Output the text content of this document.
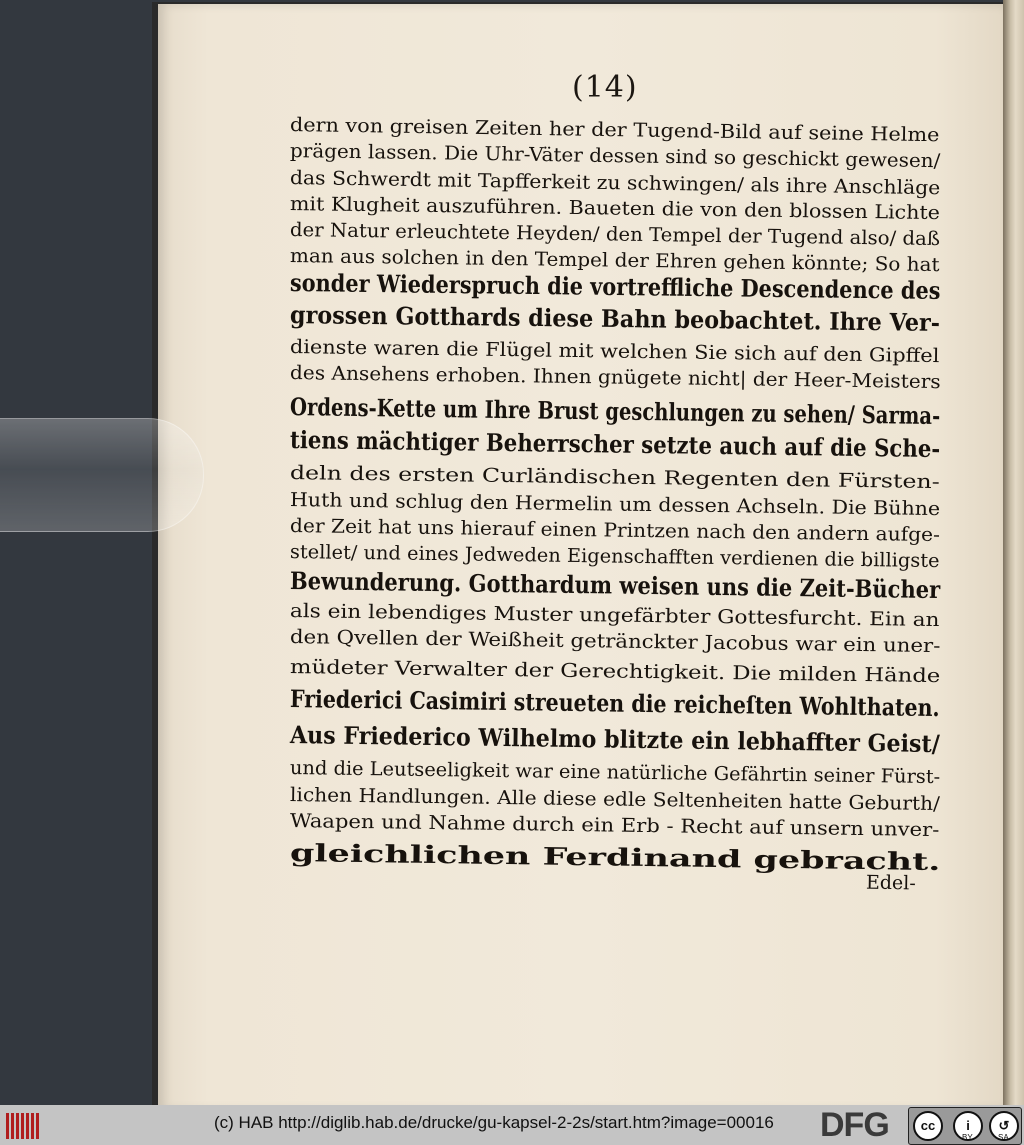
(14)
dern von greisen Zeiten her der Tugend-Bild auf seine Helme
prägen lassen. Die Uhr-Väter dessen sind so geschickt gewesen/
das Schwerdt mit Tapfferkeit zu schwingen/ als ihre Anschläge
mit Klugheit auszuführen. Baueten die von den blossen Lichte
der Natur erleuchtete Heyden/ den Tempel der Tugend also/ daß
man aus solchen in den Tempel der Ehren gehen könnte; So hat
sonder Wiederspruch die vortreffliche Descendence des
grossen Gotthards diese Bahn beobachtet. Ihre Ver-
dienste waren die Flügel mit welchen Sie sich auf den Gipffel
des Ansehens erhoben. Ihnen gnügete nicht| der Heer-Meisters
Ordens-Kette um Ihre Brust geschlungen zu sehen/ Sarma-
tiens mächtiger Beherrscher setzte auch auf die Sche-
deln des ersten Curländischen Regenten den Fürsten-
Huth und schlug den Hermelin um dessen Achseln. Die Bühne
der Zeit hat uns hierauf einen Printzen nach den andern aufge-
stellet/ und eines Jedweden Eigenschafften verdienen die billigste
Bewunderung. Gotthardum weisen uns die Zeit-Bücher
als ein lebendiges Muster ungefärbter Gottesfurcht. Ein an
den Qvellen der Weißheit getränckter Jacobus war ein uner-
müdeter Verwalter der Gerechtigkeit. Die milden Hände
Friederici Casimiri streueten die reicheſten Wohlthaten.
Aus Friederico Wilhelmo blitzte ein lebhaffter Geist/
und die Leutseeligkeit war eine natürliche Gefährtin seiner Fürst-
lichen Handlungen. Alle diese edle Seltenheiten hatte Geburth/
Waapen und Nahme durch ein Erb - Recht auf unsern unver-
gleichlichen Ferdinand gebracht.
Edel-
(c) HAB http://diglib.hab.de/drucke/gu-kapsel-2-2s/start.htm?image=00016 DFG	cc	i	↺
BY	SA
